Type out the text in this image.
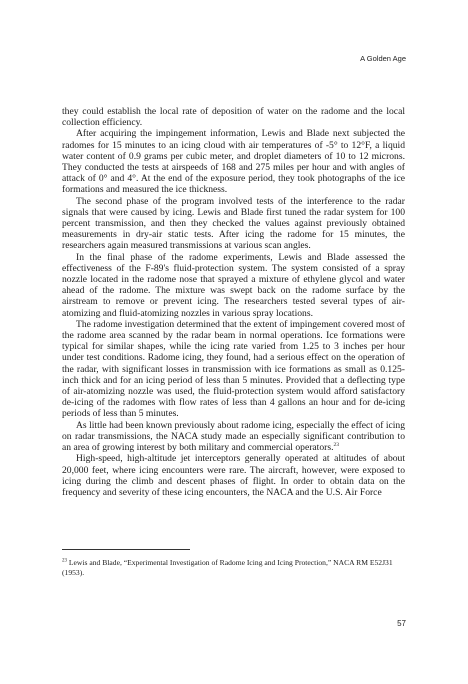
A Golden Age

they could establish the local rate of deposition of water on the radome and the local collection efficiency.

After acquiring the impingement information, Lewis and Blade next subjected the radomes for 15 minutes to an icing cloud with air temperatures of -5° to 12°F, a liquid water content of 0.9 grams per cubic meter, and droplet diameters of 10 to 12 microns. They conducted the tests at airspeeds of 168 and 275 miles per hour and with angles of attack of 0° and 4°. At the end of the exposure period, they took photographs of the ice formations and measured the ice thickness.

The second phase of the program involved tests of the interference to the radar signals that were caused by icing. Lewis and Blade first tuned the radar system for 100 percent transmission, and then they checked the values against previously obtained measurements in dry-air static tests. After icing the radome for 15 minutes, the researchers again measured transmissions at various scan angles.

In the final phase of the radome experiments, Lewis and Blade assessed the effectiveness of the F-89's fluid-protection system. The system consisted of a spray nozzle located in the radome nose that sprayed a mixture of ethylene glycol and water ahead of the radome. The mixture was swept back on the radome surface by the airstream to remove or prevent icing. The researchers tested several types of air-atomizing and fluid-atomizing nozzles in various spray locations.

The radome investigation determined that the extent of impingement covered most of the radome area scanned by the radar beam in normal operations. Ice formations were typical for similar shapes, while the icing rate varied from 1.25 to 3 inches per hour under test conditions. Radome icing, they found, had a serious effect on the operation of the radar, with significant losses in transmission with ice formations as small as 0.125-inch thick and for an icing period of less than 5 minutes. Provided that a deflecting type of air-atomizing nozzle was used, the fluid-protection system would afford satisfactory de-icing of the radomes with flow rates of less than 4 gallons an hour and for de-icing periods of less than 5 minutes.

As little had been known previously about radome icing, especially the effect of icing on radar transmissions, the NACA study made an especially significant contribution to an area of growing interest by both military and commercial operators.$^{23}$

High-speed, high-altitude jet interceptors generally operated at altitudes of about 20,000 feet, where icing encounters were rare. The aircraft, however, were exposed to icing during the climb and descent phases of flight. In order to obtain data on the frequency and severity of these icing encounters, the NACA and the U.S. Air Force

$^{23}$ Lewis and Blade, “Experimental Investigation of Radome Icing and Icing Protection,” NACA RM E52J31 (1953).

57
